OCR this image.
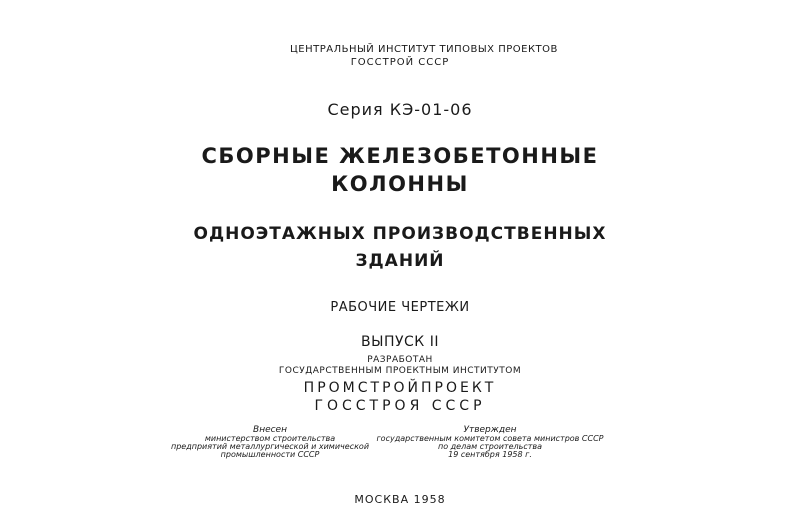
ЦЕНТРАЛЬНЫЙ ИНСТИТУТ ТИПОВЫХ ПРОЕКТОВ
ГОССТРОЙ СССР
Серия КЭ-01-06
СБОРНЫЕ ЖЕЛЕЗОБЕТОННЫЕ
КОЛОННЫ
ОДНОЭТАЖНЫХ ПРОИЗВОДСТВЕННЫХ
ЗДАНИЙ
РАБОЧИЕ ЧЕРТЕЖИ
ВЫПУСК II
РАЗРАБОТАН
ГОСУДАРСТВЕННЫМ ПРОЕКТНЫМ ИНСТИТУТОМ
ПРОМСТРОЙПРОЕКТ
ГОССТРОЯ СССР
Внесен
министерством строительства
предприятий металлургической и химической
промышленности СССР
Утвержден
государственным комитетом совета министров СССР
по делам строительства
19 сентября 1958 г.
МОСКВА 1958
